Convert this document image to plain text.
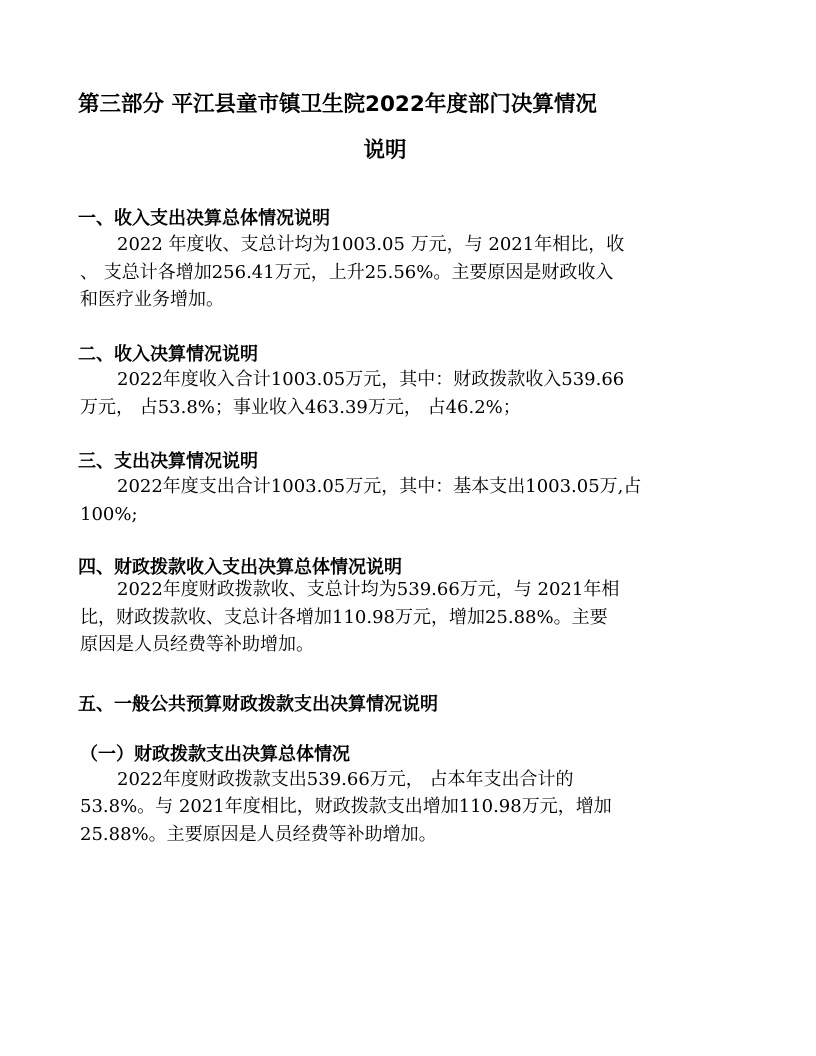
第三部分 平江县童市镇卫生院2022年度部门决算情况
说明
一、收入支出决算总体情况说明
2022 年度收、支总计均为1003.05 万元，与 2021年相比，收
、 支总计各增加256.41万元，上升25.56%。主要原因是财政收入
和医疗业务增加。
二、收入决算情况说明
2022年度收入合计1003.05万元，其中：财政拨款收入539.66
万元， 占53.8%；事业收入463.39万元， 占46.2%；
三、支出决算情况说明
2022年度支出合计1003.05万元，其中：基本支出1003.05万,占
100%;
四、财政拨款收入支出决算总体情况说明
2022年度财政拨款收、支总计均为539.66万元，与 2021年相
比，财政拨款收、支总计各增加110.98万元，增加25.88%。主要
原因是人员经费等补助增加。
五、一般公共预算财政拨款支出决算情况说明
（一）财政拨款支出决算总体情况
2022年度财政拨款支出539.66万元， 占本年支出合计的
53.8%。与 2021年度相比，财政拨款支出增加110.98万元，增加
25.88%。主要原因是人员经费等补助增加。
